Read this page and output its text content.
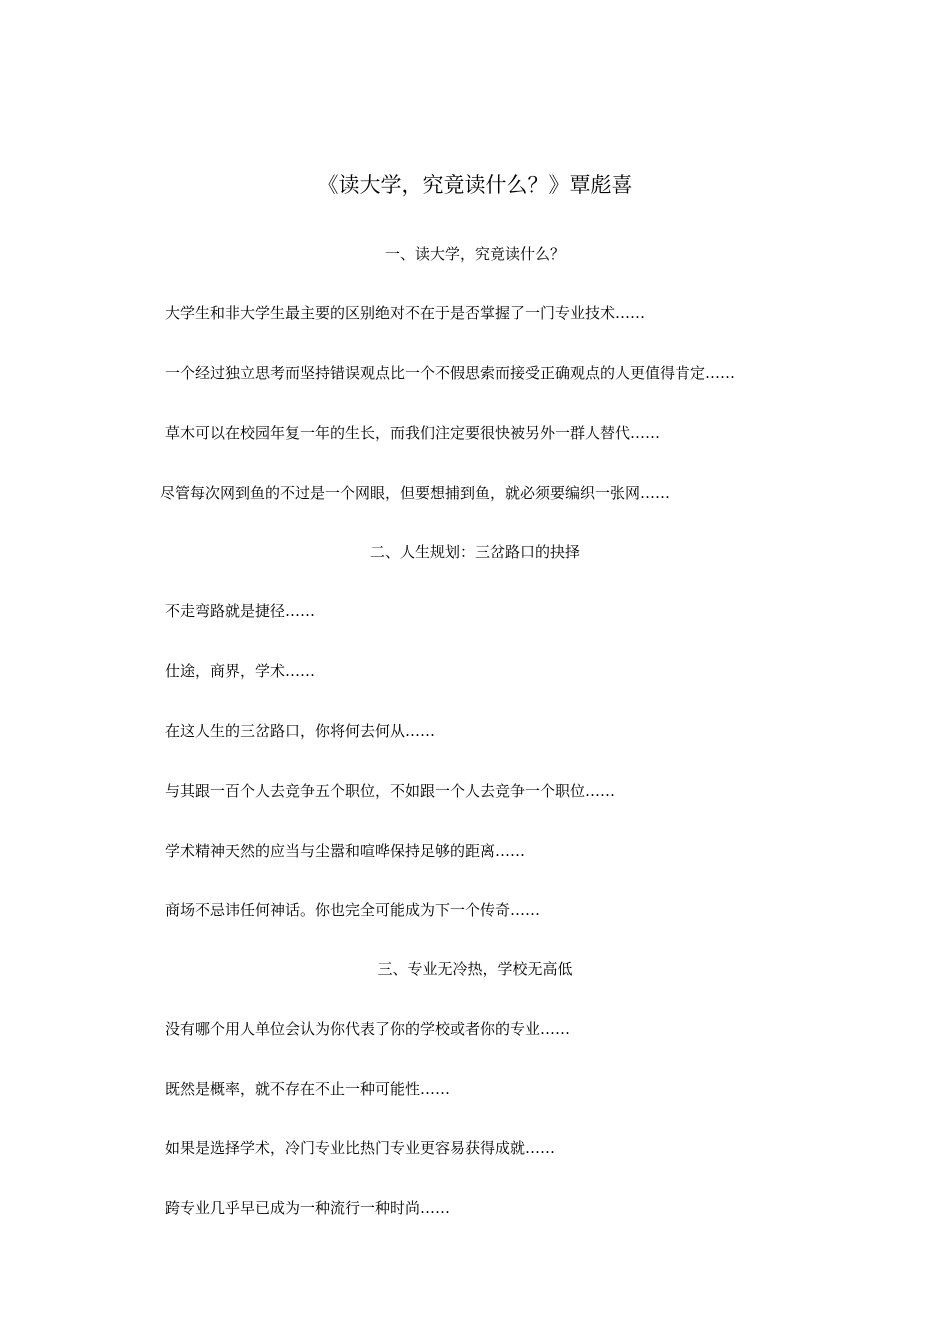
《读大学，究竟读什么？》覃彪喜
一、读大学，究竟读什么？
大学生和非大学生最主要的区别绝对不在于是否掌握了一门专业技术……
一个经过独立思考而坚持错误观点比一个不假思索而接受正确观点的人更值得肯定……
草木可以在校园年复一年的生长，而我们注定要很快被另外一群人替代……
尽管每次网到鱼的不过是一个网眼，但要想捕到鱼，就必须要编织一张网……
二、人生规划：三岔路口的抉择
不走弯路就是捷径……
仕途，商界，学术……
在这人生的三岔路口，你将何去何从……
与其跟一百个人去竞争五个职位，不如跟一个人去竞争一个职位……
学术精神天然的应当与尘嚣和喧哗保持足够的距离……
商场不忌讳任何神话。你也完全可能成为下一个传奇……
三、专业无冷热，学校无高低
没有哪个用人单位会认为你代表了你的学校或者你的专业……
既然是概率，就不存在不止一种可能性……
如果是选择学术，冷门专业比热门专业更容易获得成就……
跨专业几乎早已成为一种流行一种时尚……
